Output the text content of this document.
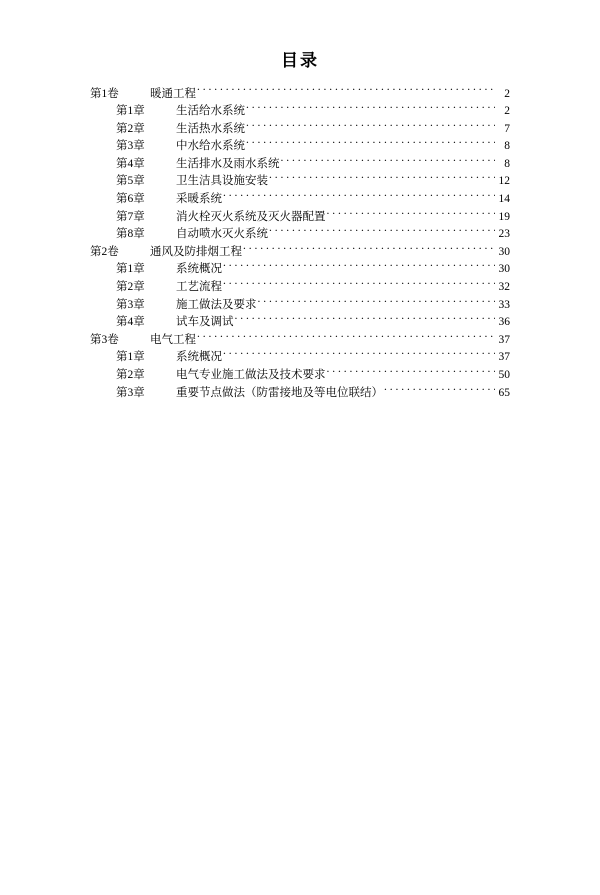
目录
第1卷	暖通工程 . . .	2
第1章	生活给水系统 . . .	2
第2章	生活热水系统 . . .	7
第3章	中水给水系统 . . .	8
第4章	生活排水及雨水系统 . . .	8
第5章	卫生洁具设施安装 . . .	12
第6章	采暖系统 . . .	14
第7章	消火栓灭火系统及灭火器配置 . . .	19
第8章	自动喷水灭火系统 . . .	23
第2卷	通风及防排烟工程 . . .	30
第1章	系统概况 . . .	30
第2章	工艺流程 . . .	32
第3章	施工做法及要求 . . .	33
第4章	试车及调试 . . .	36
第3卷	电气工程 . . .	37
第1章	系统概况 . . .	37
第2章	电气专业施工做法及技术要求 . . .	50
第3章	重要节点做法（防雷接地及等电位联结） . . .	65
